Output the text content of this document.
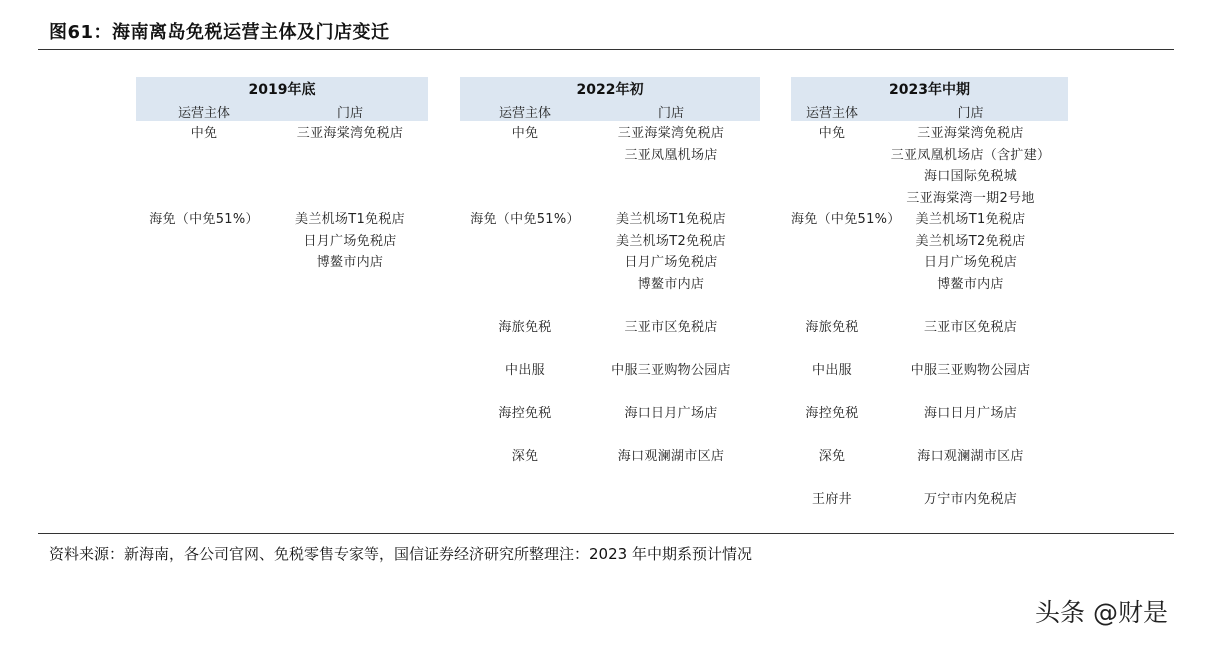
图61：海南离岛免税运营主体及门店变迁
2019年底
运营主体	门店
中免	三亚海棠湾免税店
海免（中免51%）	美兰机场T1免税店
日月广场免税店
博鳌市内店
2022年初
运营主体	门店
中免	三亚海棠湾免税店
三亚凤凰机场店
海免（中免51%）	美兰机场T1免税店
美兰机场T2免税店
日月广场免税店
博鳌市内店
海旅免税	三亚市区免税店
中出服	中服三亚购物公园店
海控免税	海口日月广场店
深免	海口观澜湖市区店
2023年中期
运营主体	门店
中免	三亚海棠湾免税店
三亚凤凰机场店（含扩建）
海口国际免税城
三亚海棠湾一期2号地
海免（中免51%）	美兰机场T1免税店
美兰机场T2免税店
日月广场免税店
博鳌市内店
海旅免税	三亚市区免税店
中出服	中服三亚购物公园店
海控免税	海口日月广场店
深免	海口观澜湖市区店
王府井	万宁市内免税店
资料来源：新海南，各公司官网、免税零售专家等，国信证券经济研究所整理注：2023 年中期系预计情况
头条 @财是
